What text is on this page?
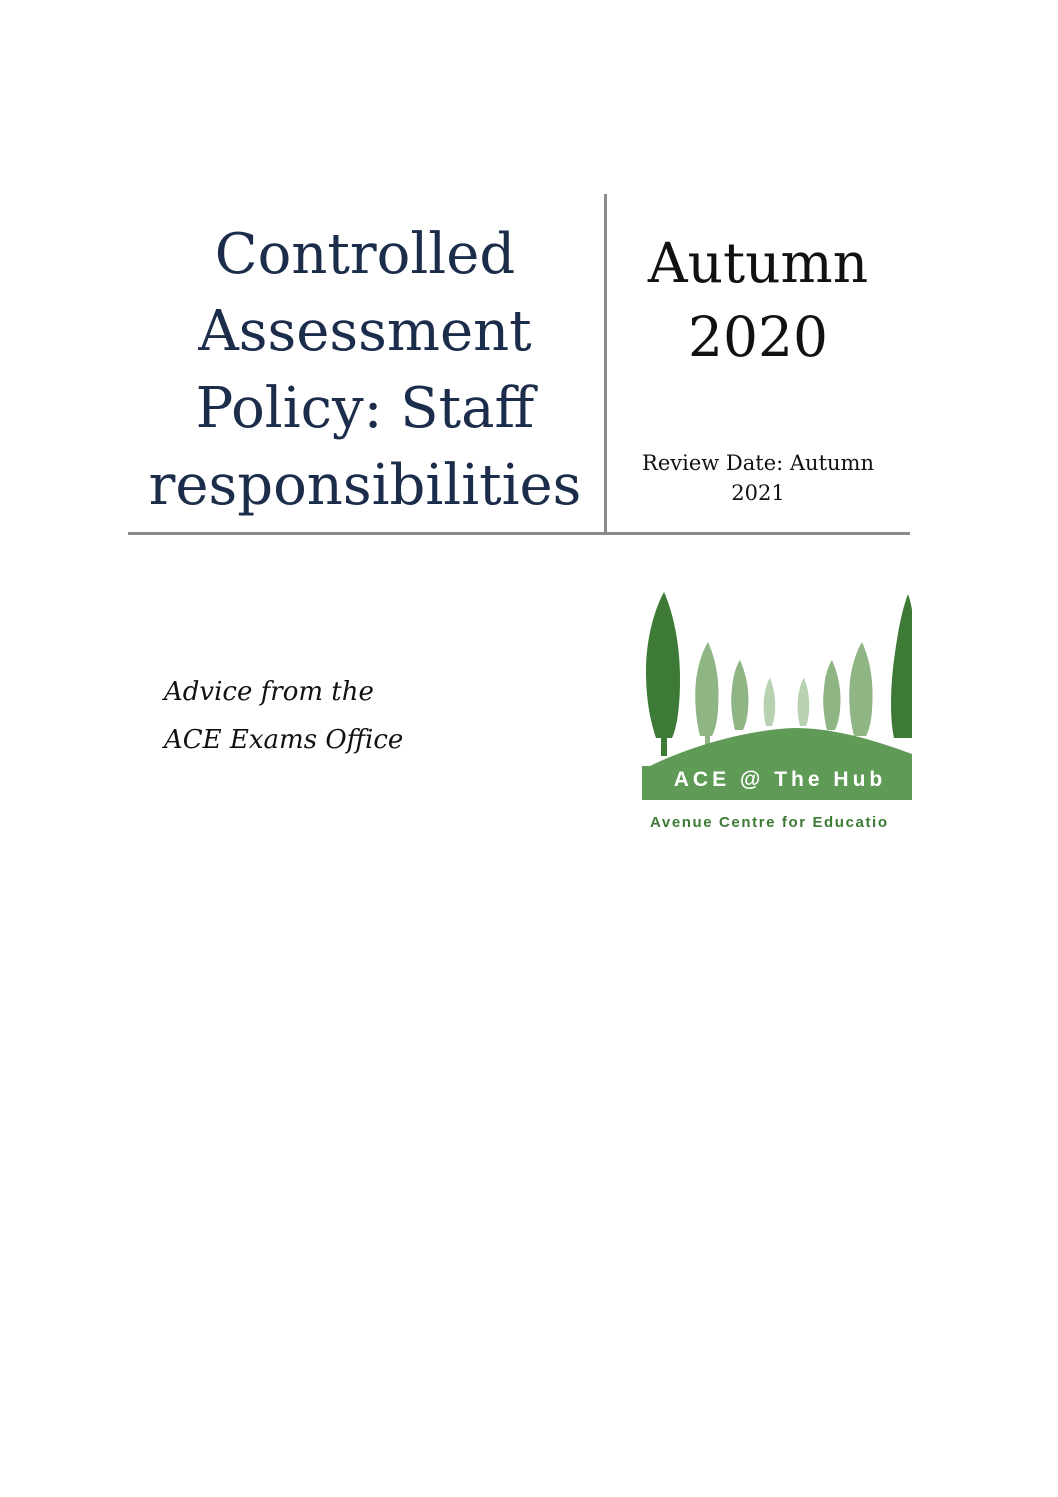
Controlled
Assessment
Policy: Staff
responsibilities
Autumn
2020
Review Date: Autumn
2021
Advice from the
ACE Exams Office
ACE @ The Hub
Avenue Centre for Educatio
